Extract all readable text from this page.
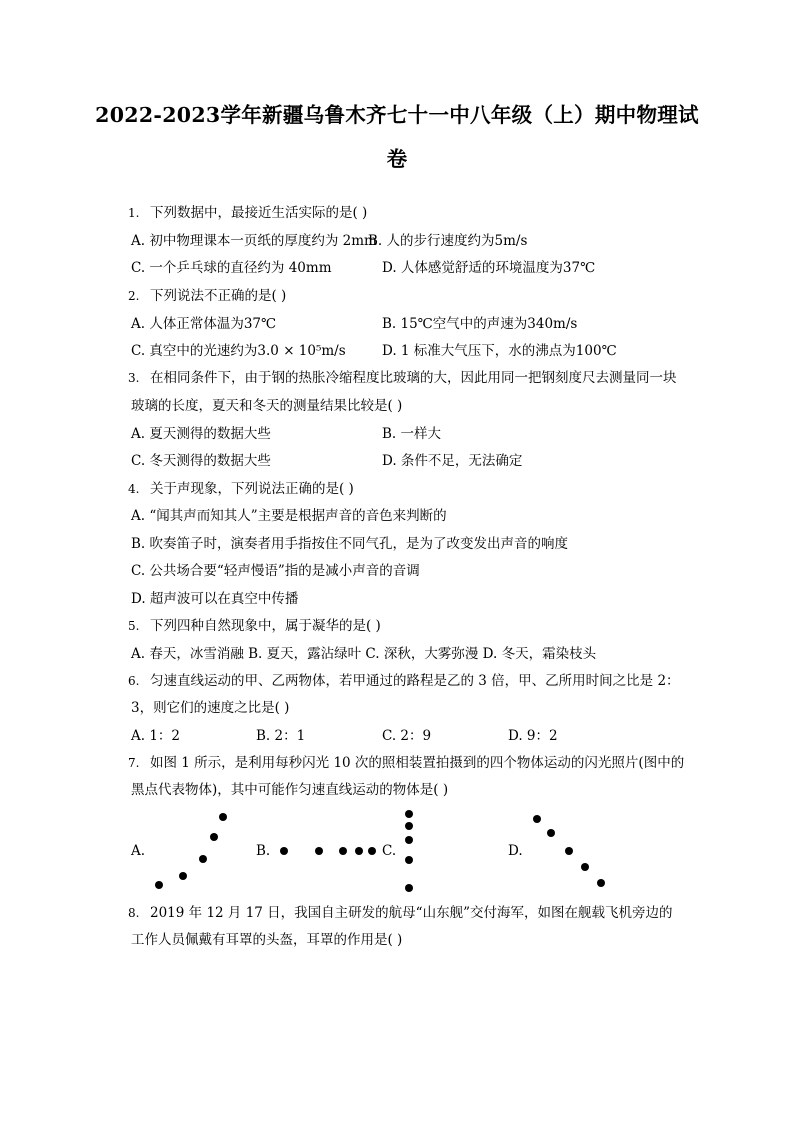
2022-2023学年新疆乌鲁木齐七十一中八年级（上）期中物理试
卷
1. 下列数据中，最接近生活实际的是( )
A. 初中物理课本一页纸的厚度约为 2mm
B. 人的步行速度约为5m/s
C. 一个乒乓球的直径约为 40mm	D. 人体感觉舒适的环境温度为37℃
2. 下列说法不正确的是( )
A. 人体正常体温为37℃	B. 15℃空气中的声速为340m/s
C. 真空中的光速约为3.0 × 10⁵m/s	D. 1 标准大气压下，水的沸点为100℃
3. 在相同条件下，由于钢的热胀冷缩程度比玻璃的大，因此用同一把钢刻度尺去测量同一块
玻璃的长度，夏天和冬天的测量结果比较是( )
A. 夏天测得的数据大些	B. 一样大
C. 冬天测得的数据大些	D. 条件不足，无法确定
4. 关于声现象，下列说法正确的是( )
A. “闻其声而知其人”主要是根据声音的音色来判断的
B. 吹奏笛子时，演奏者用手指按住不同气孔，是为了改变发出声音的响度
C. 公共场合要“轻声慢语”指的是减小声音的音调
D. 超声波可以在真空中传播
5. 下列四种自然现象中，属于凝华的是( )
A. 春天，冰雪消融 B. 夏天，露沾绿叶 C. 深秋，大雾弥漫 D. 冬天，霜染枝头
6. 匀速直线运动的甲、乙两物体，若甲通过的路程是乙的 3 倍，甲、乙所用时间之比是 2：
3，则它们的速度之比是( )
A. 1：2	B. 2：1	C. 2：9	D. 9：2
7. 如图 1 所示，是利用每秒闪光 10 次的照相装置拍摄到的四个物体运动的闪光照片(图中的
黑点代表物体)，其中可能作匀速直线运动的物体是( )
A.	B.	C.	D.
8. 2019 年 12 月 17 日，我国自主研发的航母“山东舰”交付海军，如图在舰载飞机旁边的
工作人员佩戴有耳罩的头盔，耳罩的作用是( )
